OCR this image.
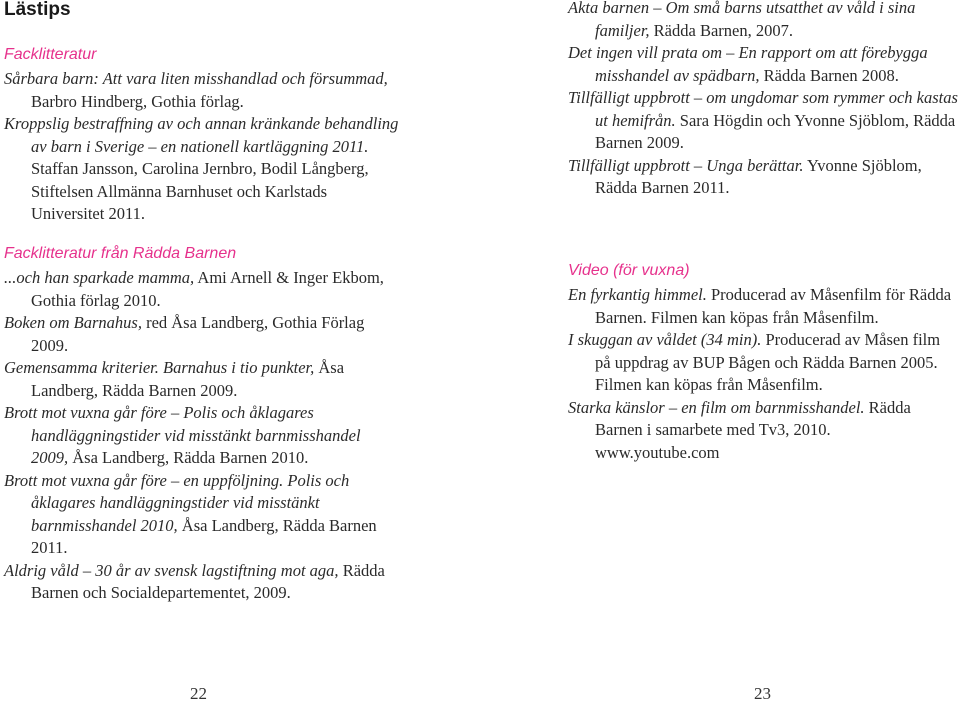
Lästips
Facklitteratur

Sårbara barn: Att vara liten misshandlad och försummad, Barbro Hindberg, Gothia förlag.

Kroppslig bestraffning av och annan kränkande behandling av barn i Sverige – en nationell kartläggning 2011. Staffan Jansson, Carolina Jernbro, Bodil Långberg, Stiftelsen Allmänna Barnhuset och Karlstads Universitet 2011.

Facklitteratur från Rädda Barnen

...och han sparkade mamma, Ami Arnell & Inger Ekbom, Gothia förlag 2010.

Boken om Barnahus, red Åsa Landberg, Gothia Förlag 2009.

Gemensamma kriterier. Barnahus i tio punkter, Åsa Landberg, Rädda Barnen 2009.

Brott mot vuxna går före – Polis och åklagares handläggningstider vid misstänkt barnmisshandel 2009, Åsa Landberg, Rädda Barnen 2010.

Brott mot vuxna går före – en uppföljning. Polis och åklagares handläggningstider vid misstänkt barnmisshandel 2010, Åsa Landberg, Rädda Barnen 2011.

Aldrig våld – 30 år av svensk lagstiftning mot aga, Rädda Barnen och Socialdepartementet, 2009.

22

Akta barnen – Om små barns utsatthet av våld i sina familjer, Rädda Barnen, 2007.

Det ingen vill prata om – En rapport om att förebygga misshandel av spädbarn, Rädda Barnen 2008.

Tillfälligt uppbrott – om ungdomar som rymmer och kastas ut hemifrån. Sara Högdin och Yvonne Sjöblom, Rädda Barnen 2009.

Tillfälligt uppbrott – Unga berättar. Yvonne Sjöblom, Rädda Barnen 2011.

Video (för vuxna)

En fyrkantig himmel. Producerad av Måsenfilm för Rädda Barnen. Filmen kan köpas från Måsenfilm.

I skuggan av våldet (34 min). Producerad av Måsen film på uppdrag av BUP Bågen och Rädda Barnen 2005. Filmen kan köpas från Måsenfilm.

Starka känslor – en film om barnmisshandel. Rädda Barnen i samarbete med Tv3, 2010. www.youtube.com

23
